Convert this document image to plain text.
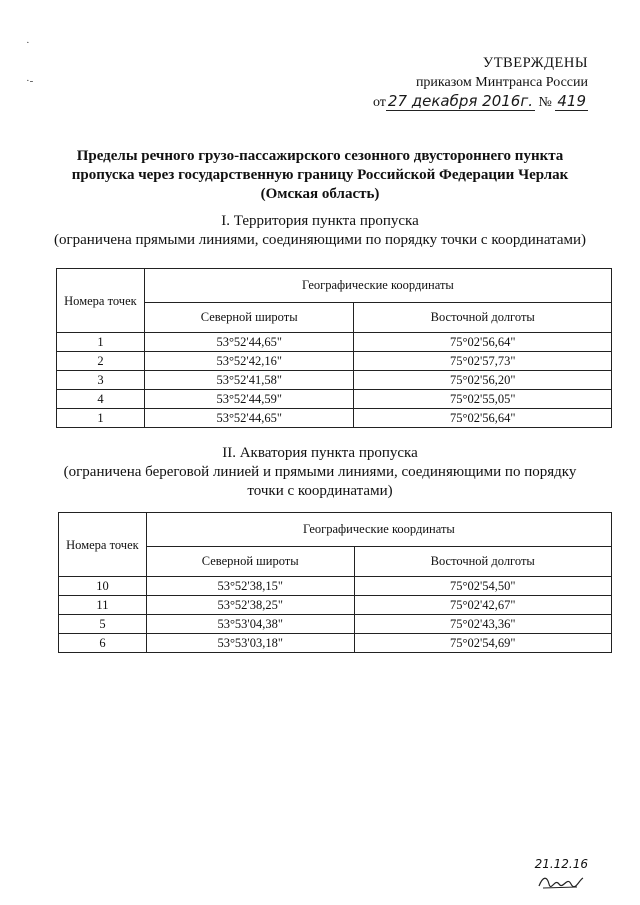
·
·-
УТВЕРЖДЕНЫ
приказом Минтранса России
от 27 декабря 2016г. № 419
Пределы речного грузо-пассажирского сезонного двустороннего пункта
пропуска через государственную границу Российской Федерации Черлак
(Омская область)
I. Территория пункта пропуска
(ограничена прямыми линиями, соединяющими по порядку точки с координатами)
Номера точек	Географические координаты	
	Северной широты	Восточной долготы
1	53°52'44,65"	75°02'56,64"
2	53°52'42,16"	75°02'57,73"
3	53°52'41,58"	75°02'56,20"
4	53°52'44,59"	75°02'55,05"
1	53°52'44,65"	75°02'56,64"
II. Акватория пункта пропуска
(ограничена береговой линией и прямыми линиями, соединяющими по порядку
точки с координатами)
Номера точек	Географические координаты	
	Северной широты	Восточной долготы
10	53°52'38,15"	75°02'54,50"
11	53°52'38,25"	75°02'42,67"
5	53°53'04,38"	75°02'43,36"
6	53°53'03,18"	75°02'54,69"
21.12.16
